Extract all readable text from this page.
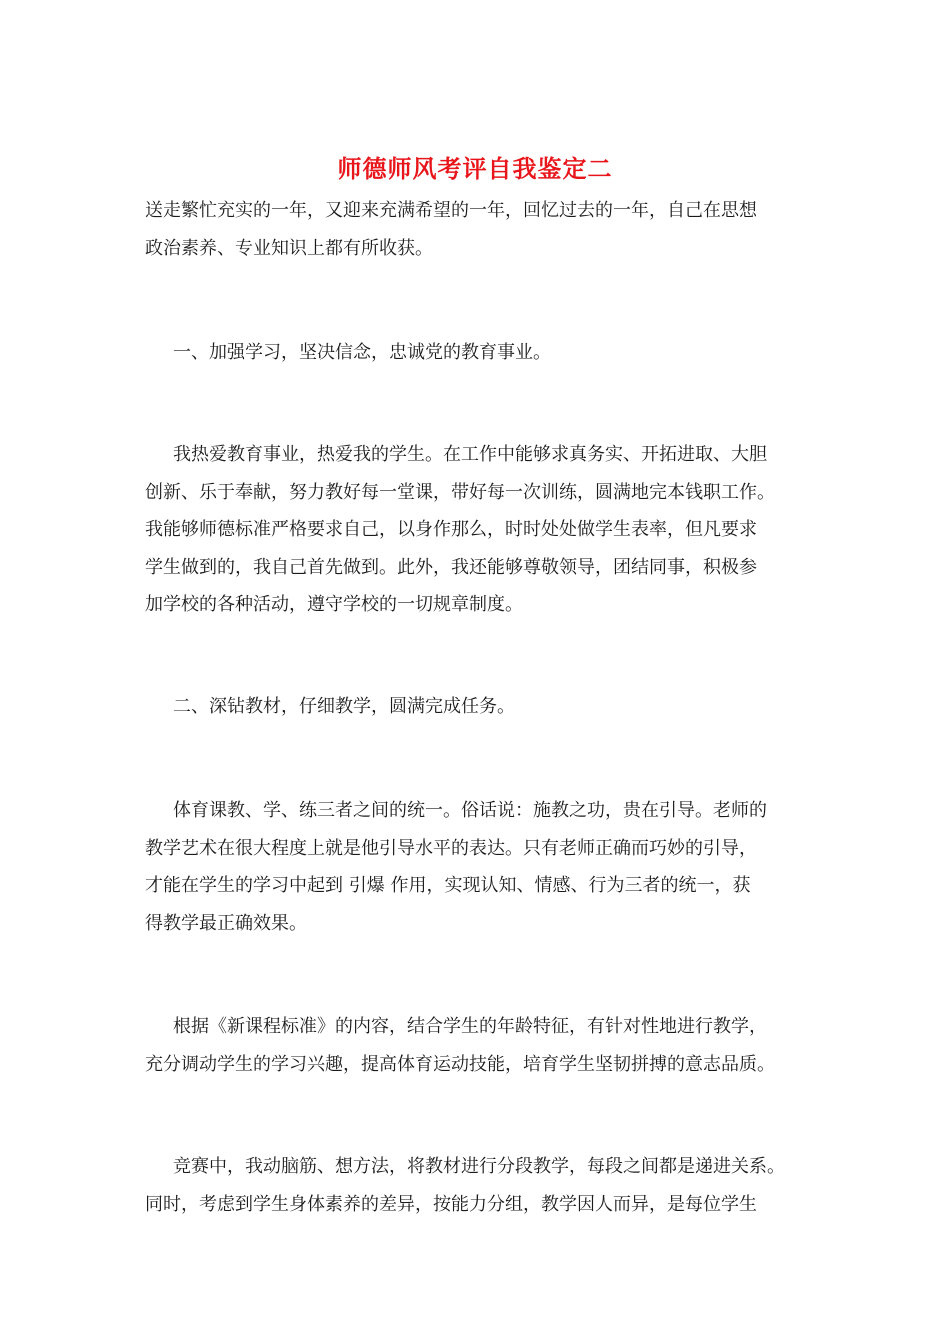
师德师风考评自我鉴定二

送走繁忙充实的一年，又迎来充满希望的一年，回忆过去的一年，自己在思想
政治素养、专业知识上都有所收获。

一、加强学习，坚决信念，忠诚党的教育事业。

我热爱教育事业，热爱我的学生。在工作中能够求真务实、开拓进取、大胆
创新、乐于奉献，努力教好每一堂课，带好每一次训练，圆满地完本钱职工作。
我能够师德标准严格要求自己，以身作那么，时时处处做学生表率，但凡要求
学生做到的，我自己首先做到。此外，我还能够尊敬领导，团结同事，积极参
加学校的各种活动，遵守学校的一切规章制度。

二、深钻教材，仔细教学，圆满完成任务。

体育课教、学、练三者之间的统一。俗话说：施教之功，贵在引导。老师的
教学艺术在很大程度上就是他引导水平的表达。只有老师正确而巧妙的引导，
才能在学生的学习中起到 引爆 作用，实现认知、情感、行为三者的统一，获
得教学最正确效果。

根据《新课程标准》的内容，结合学生的年龄特征，有针对性地进行教学，
充分调动学生的学习兴趣，提高体育运动技能，培育学生坚韧拼搏的意志品质。

竞赛中，我动脑筋、想方法，将教材进行分段教学，每段之间都是递进关系。
同时，考虑到学生身体素养的差异，按能力分组，教学因人而异，是每位学生
